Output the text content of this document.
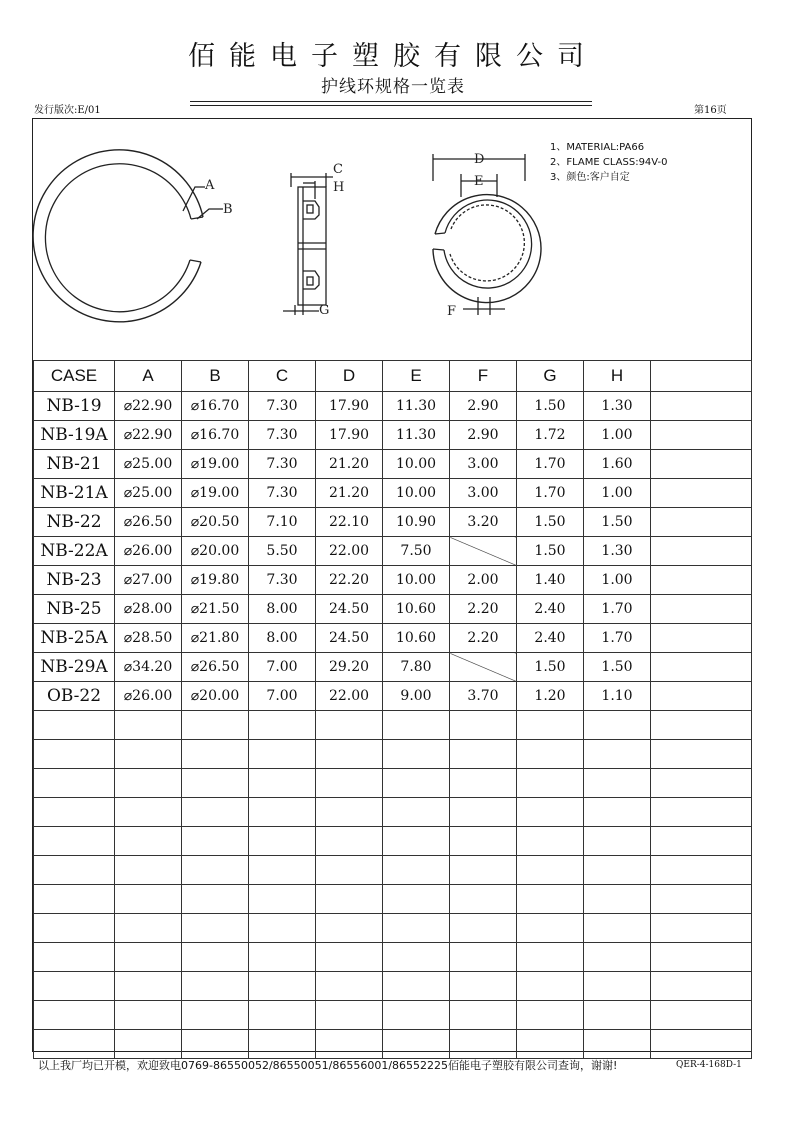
佰能电子塑胶有限公司
护线环规格一览表
发行版次:E/01	第16页
A
B
C
H
G
D
E
F
CASE	A	B	C	D	E	F	G	H	
NB-19	⌀22.90	⌀16.70	7.30	17.90	11.30	2.90	1.50	1.30	
NB-19A	⌀22.90	⌀16.70	7.30	17.90	11.30	2.90	1.72	1.00	
NB-21	⌀25.00	⌀19.00	7.30	21.20	10.00	3.00	1.70	1.60	
NB-21A	⌀25.00	⌀19.00	7.30	21.20	10.00	3.00	1.70	1.00	
NB-22	⌀26.50	⌀20.50	7.10	22.10	10.90	3.20	1.50	1.50	
NB-22A	⌀26.00	⌀20.00	5.50	22.00	7.50		1.50	1.30	
NB-23	⌀27.00	⌀19.80	7.30	22.20	10.00	2.00	1.40	1.00	
NB-25	⌀28.00	⌀21.50	8.00	24.50	10.60	2.20	2.40	1.70	
NB-25A	⌀28.50	⌀21.80	8.00	24.50	10.60	2.20	2.40	1.70	
NB-29A	⌀34.20	⌀26.50	7.00	29.20	7.80		1.50	1.50	
OB-22	⌀26.00	⌀20.00	7.00	22.00	9.00	3.70	1.20	1.10	

1、MATERIAL:PA66
2、FLAME CLASS:94V-0
3、颜色:客户自定
以上我厂均已开模，欢迎致电0769-86550052/86550051/86556001/86552225佰能电子塑胶有限公司查询，谢谢!	QER-4-168D-1
